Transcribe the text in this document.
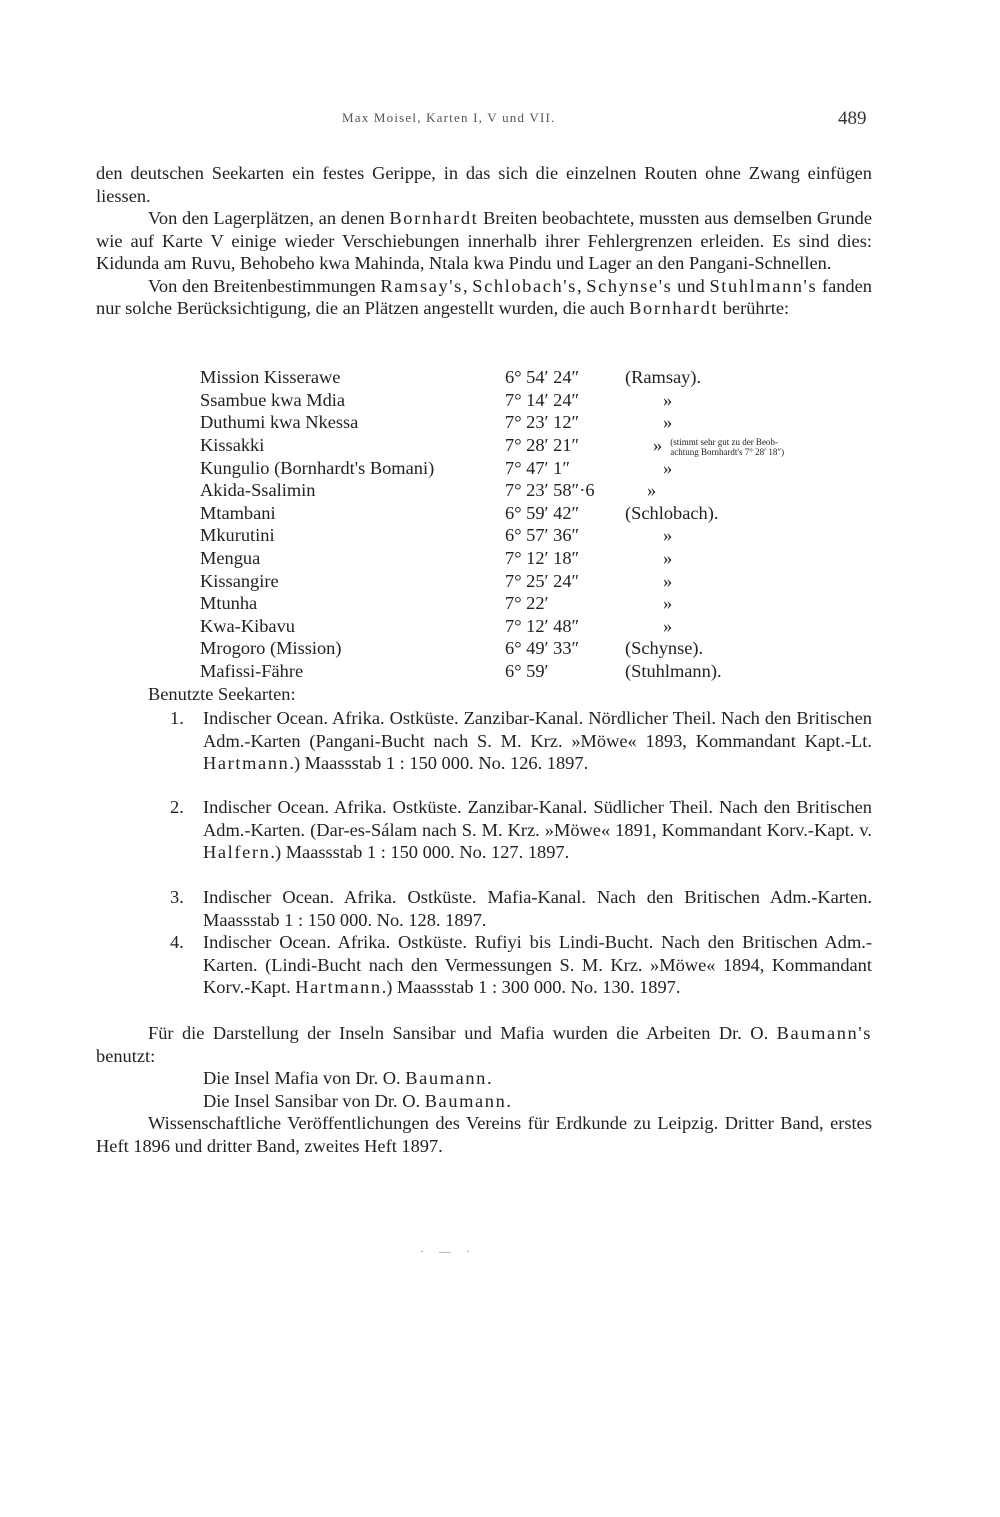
Max Moisel, Karten I, V und VII.	489

den deutschen Seekarten ein festes Gerippe, in das sich die einzelnen Routen ohne Zwang einfügen liessen.

Von den Lagerplätzen, an denen Bornhardt Breiten beobachtete, mussten aus demselben Grunde wie auf Karte V einige wieder Verschiebungen innerhalb ihrer Fehlergrenzen erleiden. Es sind dies: Kidunda am Ruvu, Behobeho kwa Mahinda, Ntala kwa Pindu und Lager an den Pangani-Schnellen.

Von den Breitenbestimmungen Ramsay's, Schlobach's, Schynse's und Stuhlmann's fanden nur solche Berücksichtigung, die an Plätzen angestellt wurden, die auch Bornhardt berührte:

Mission Kisserawe	6° 54′ 24″	(Ramsay).
Ssambue kwa Mdia	7° 14′ 24″	»
Duthumi kwa Nkessa	7° 23′ 12″	»
Kissakki	7° 28′ 21″	» (stimmt sehr gut zu der Beob-
achtung Bornhardt's 7° 28′ 18″)
Kungulio (Bornhardt's Bomani)	7° 47′ 1″	»
Akida-Ssalimin	7° 23′ 58″·6	»
Mtambani	6° 59′ 42″	(Schlobach).
Mkurutini	6° 57′ 36″	»
Mengua	7° 12′ 18″	»
Kissangire	7° 25′ 24″	»
Mtunha	7° 22′	»
Kwa-Kibavu	7° 12′ 48″	»
Mrogoro (Mission)	6° 49′ 33″	(Schynse).
Mafissi-Fähre	6° 59′	(Stuhlmann).
Benutzte Seekarten:
1.	Indischer Ocean. Afrika. Ostküste. Zanzibar-Kanal. Nördlicher Theil. Nach den Britischen Adm.-Karten (Pangani-Bucht nach S. M. Krz. »Möwe« 1893, Kommandant Kapt.-Lt. Hartmann.) Maassstab 1 : 150 000. No. 126. 1897.
2.	Indischer Ocean. Afrika. Ostküste. Zanzibar-Kanal. Südlicher Theil. Nach den Britischen Adm.-Karten. (Dar-es-Sálam nach S. M. Krz. »Möwe« 1891, Kommandant Korv.-Kapt. v. Halfern.) Maassstab 1 : 150 000. No. 127. 1897.
3.	Indischer Ocean. Afrika. Ostküste. Mafia-Kanal. Nach den Britischen Adm.-Karten. Maassstab 1 : 150 000. No. 128. 1897.
4.	Indischer Ocean. Afrika. Ostküste. Rufiyi bis Lindi-Bucht. Nach den Britischen Adm.-Karten. (Lindi-Bucht nach den Vermessungen S. M. Krz. »Möwe« 1894, Kommandant Korv.-Kapt. Hartmann.) Maassstab 1 : 300 000. No. 130. 1897.

Für die Darstellung der Inseln Sansibar und Mafia wurden die Arbeiten Dr. O. Baumann's benutzt:

Die Insel Mafia von Dr. O. Baumann.
Die Insel Sansibar von Dr. O. Baumann.

Wissenschaftliche Veröffentlichungen des Vereins für Erdkunde zu Leipzig. Dritter Band, erstes Heft 1896 und dritter Band, zweites Heft 1897.

· — ·
